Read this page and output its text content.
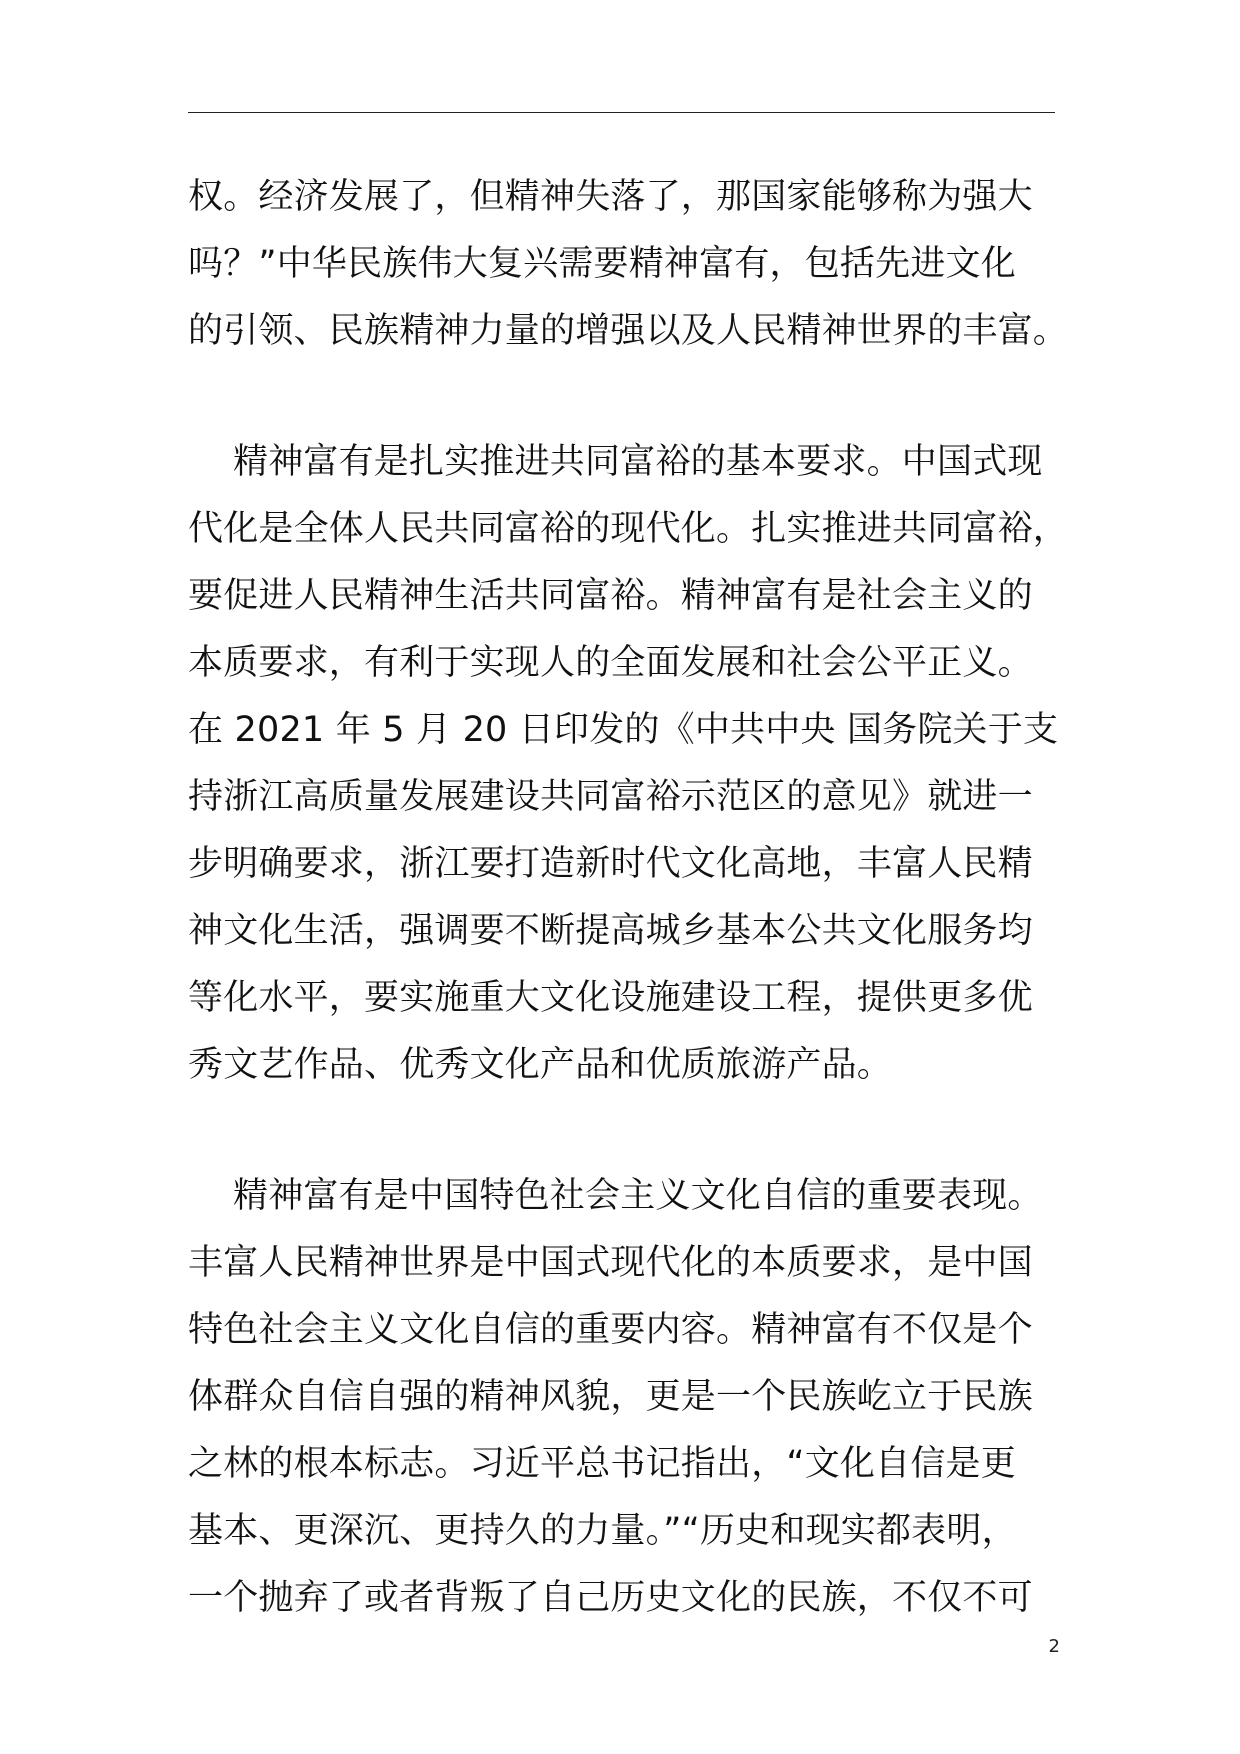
权。经济发展了，但精神失落了，那国家能够称为强大
吗？”中华民族伟大复兴需要精神富有，包括先进文化
的引领、民族精神力量的增强以及人民精神世界的丰富。
精神富有是扎实推进共同富裕的基本要求。中国式现
代化是全体人民共同富裕的现代化。扎实推进共同富裕，
要促进人民精神生活共同富裕。精神富有是社会主义的
本质要求，有利于实现人的全面发展和社会公平正义。
在 2021 年 5 月 20 日印发的《中共中央 国务院关于支
持浙江高质量发展建设共同富裕示范区的意见》就进一
步明确要求，浙江要打造新时代文化高地，丰富人民精
神文化生活，强调要不断提高城乡基本公共文化服务均
等化水平，要实施重大文化设施建设工程，提供更多优
秀文艺作品、优秀文化产品和优质旅游产品。
精神富有是中国特色社会主义文化自信的重要表现。
丰富人民精神世界是中国式现代化的本质要求，是中国
特色社会主义文化自信的重要内容。精神富有不仅是个
体群众自信自强的精神风貌，更是一个民族屹立于民族
之林的根本标志。习近平总书记指出，“文化自信是更
基本、更深沉、更持久的力量。”“历史和现实都表明，
一个抛弃了或者背叛了自己历史文化的民族，不仅不可
2
